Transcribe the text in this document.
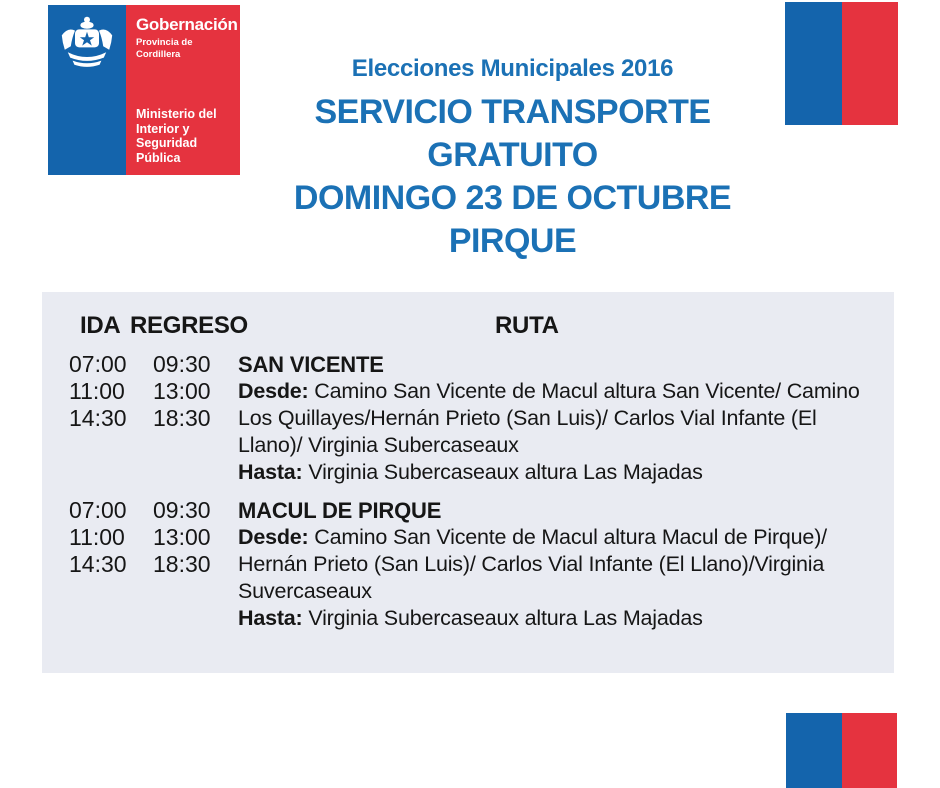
Gobernación
Provincia de Cordillera
Ministerio del
Interior y
Seguridad Pública
Elecciones Municipales 2016
SERVICIO TRANSPORTE
GRATUITO
DOMINGO 23 DE OCTUBRE
PIRQUE
IDA REGRESO	RUTA
07:00
11:00
14:30
09:30
13:00
18:30
SAN VICENTE
Desde: Camino San Vicente de Macul altura San Vicente/ Camino Los Quillayes/Hernán Prieto (San Luis)/ Carlos Vial Infante (El Llano)/ Virginia Subercaseaux
Hasta: Virginia Subercaseaux altura Las Majadas
07:00
11:00
14:30
09:30
13:00
18:30
MACUL DE PIRQUE
Desde: Camino San Vicente de Macul altura Macul de Pirque)/ Hernán Prieto (San Luis)/ Carlos Vial Infante (El Llano)/Virginia Suvercaseaux
Hasta: Virginia Subercaseaux altura Las Majadas
